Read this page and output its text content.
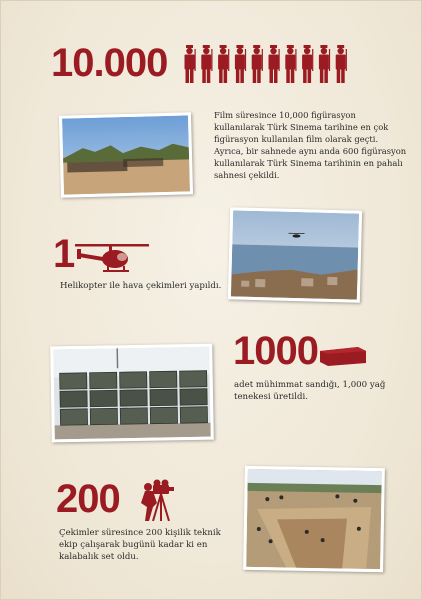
10.000
Film süresince 10,000 figürasyon
kullanılarak Türk Sinema tarihine en çok
figürasyon kullanılan film olarak geçti.
Ayrıca, bir sahnede aynı anda 600 figürasyon
kullanılarak Türk Sinema tarihinin en pahalı
sahnesi çekildi.
1
Helikopter ile hava çekimleri yapıldı.
1000
adet mühimmat sandığı, 1,000 yağ
tenekesi üretildi.
200
Çekimler süresince 200 kişilik teknik
ekip çalışarak bugünü kadar ki en
kalabalık set oldu.
